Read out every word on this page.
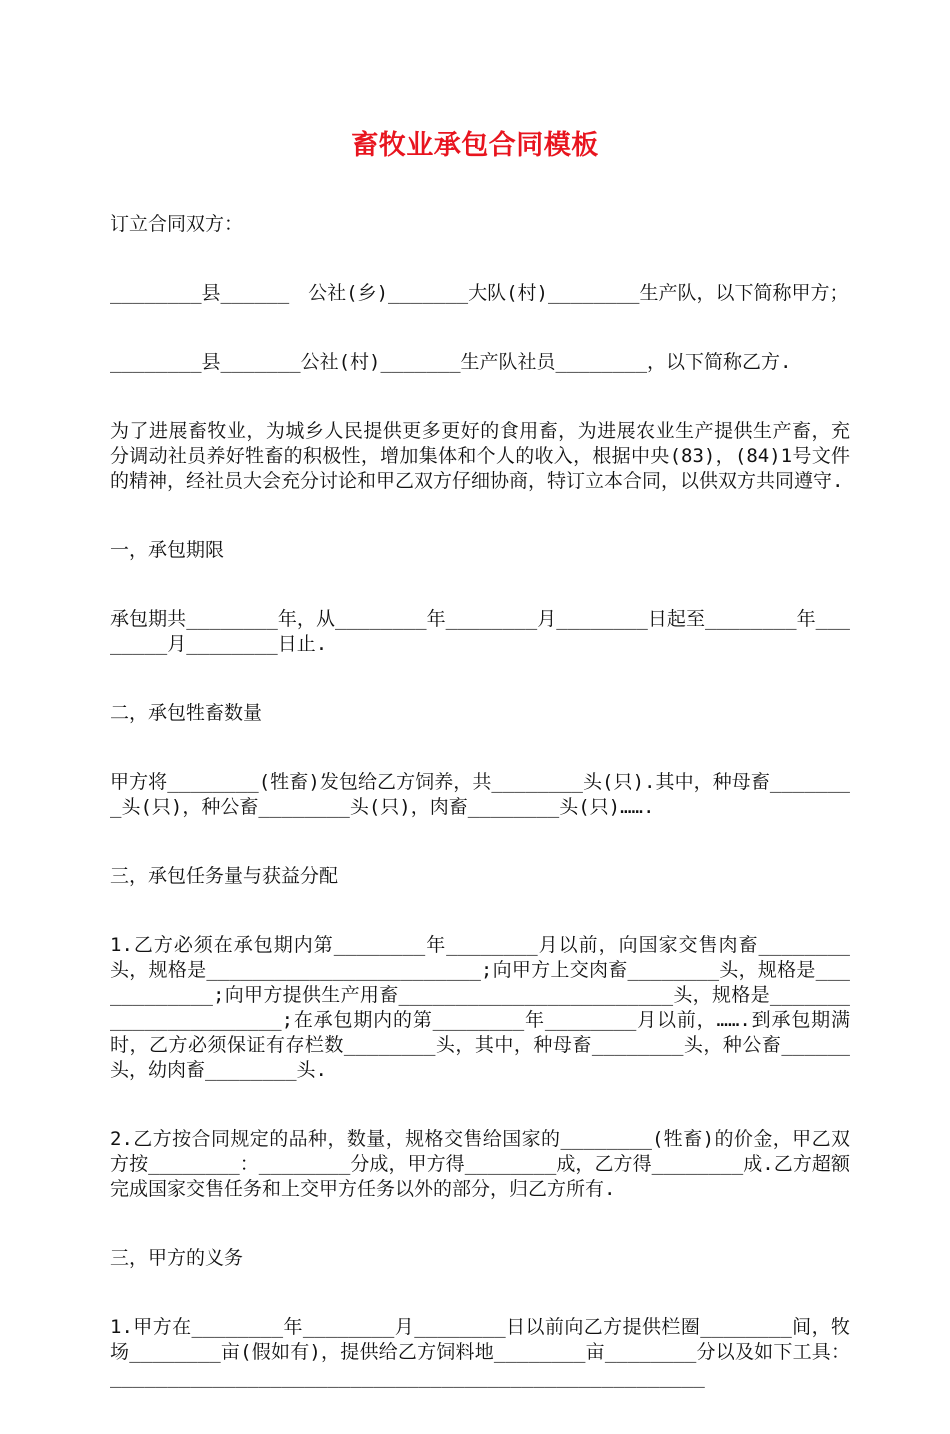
畜牧业承包合同模板

订立合同双方：

________县______　公社(乡)_______大队(村)________生产队，以下简称甲方；

________县_______公社(村)_______生产队社员________，以下简称乙方.

为了进展畜牧业，为城乡人民提供更多更好的食用畜，为进展农业生产提供生产畜，充分调动社员养好牲畜的积极性，增加集体和个人的收入，根据中央(83)，(84)1号文件的精神，经社员大会充分讨论和甲乙双方仔细协商，特订立本合同，以供双方共同遵守.

一，承包期限

承包期共________年，从________年________月________日起至________年________月________日止.

二，承包牲畜数量

甲方将________(牲畜)发包给乙方饲养，共________头(只).其中，种母畜________头(只)，种公畜________头(只)，肉畜________头(只)…….

三，承包任务量与获益分配

1.乙方必须在承包期内第________年________月以前，向国家交售肉畜________头，规格是________________________;向甲方上交肉畜________头，规格是____________;向甲方提供生产用畜________________________头，规格是______________________;在承包期内的第________年________月以前，…….到承包期满时，乙方必须保证有存栏数________头，其中，种母畜________头，种公畜______头，幼肉畜________头.

2.乙方按合同规定的品种，数量，规格交售给国家的________(牲畜)的价金，甲乙双方按________：________分成，甲方得________成，乙方得________成.乙方超额完成国家交售任务和上交甲方任务以外的部分，归乙方所有.

三，甲方的义务

1.甲方在________年________月________日以前向乙方提供栏圈________间，牧场________亩(假如有)，提供给乙方饲料地________亩________分以及如下工具：____________________________________________________
